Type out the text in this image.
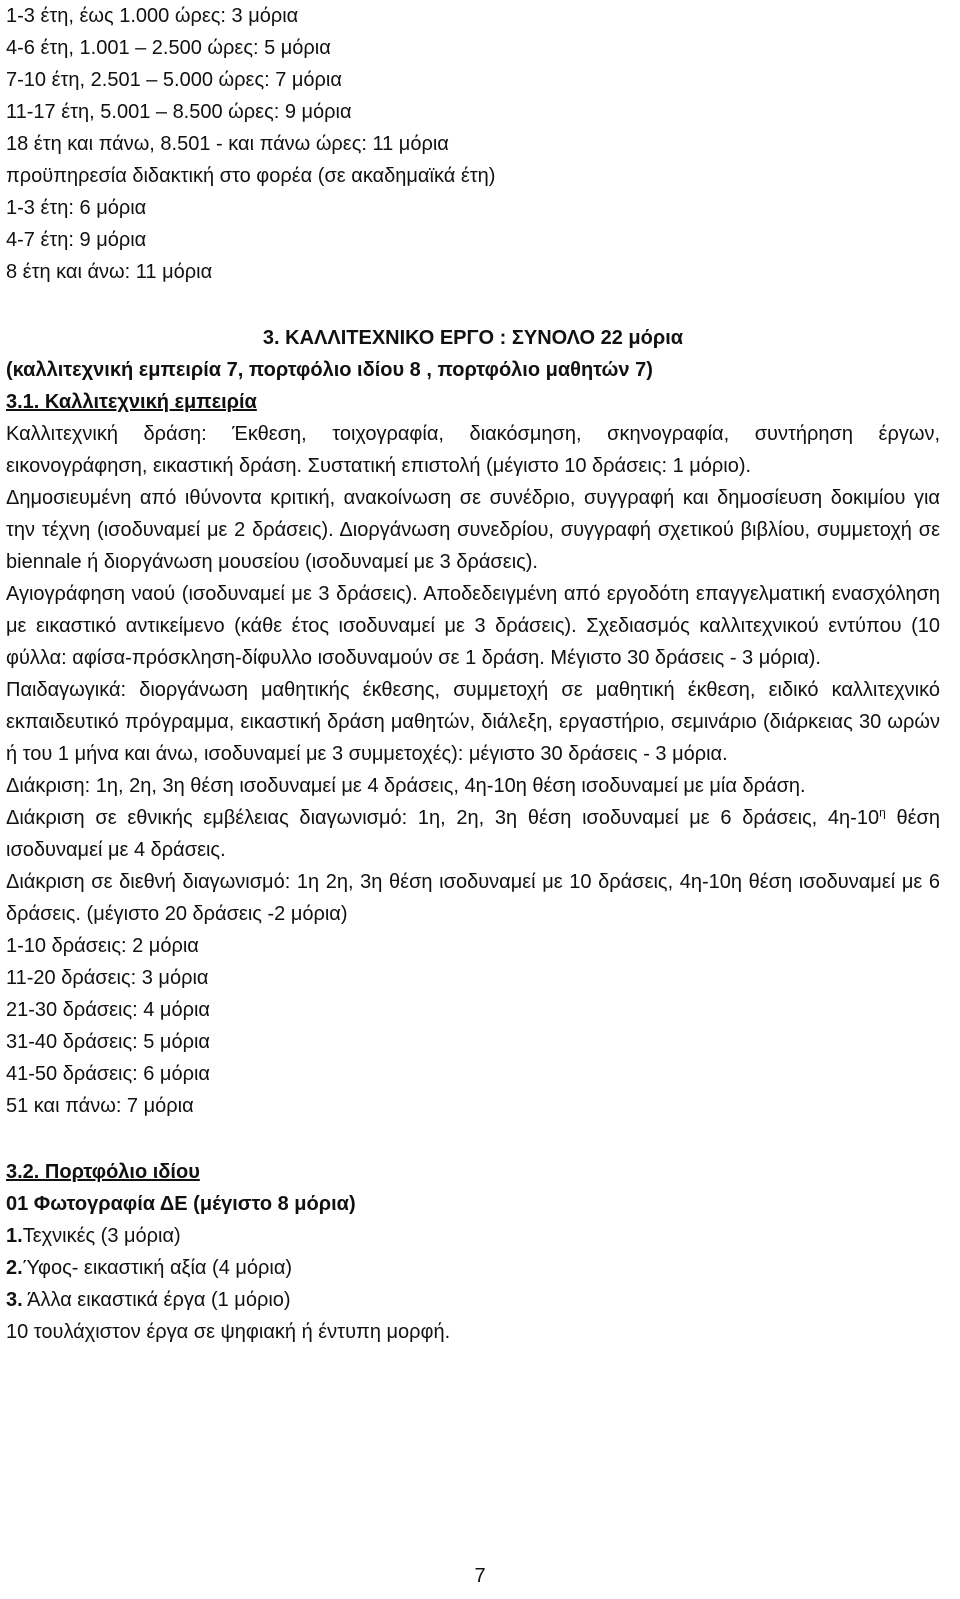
1-3 έτη, έως 1.000 ώρες: 3 μόρια
4-6 έτη, 1.001 – 2.500 ώρες: 5 μόρια
7-10 έτη, 2.501 – 5.000 ώρες: 7 μόρια
11-17 έτη, 5.001 – 8.500 ώρες: 9 μόρια
18 έτη και πάνω, 8.501 - και πάνω ώρες: 11 μόρια
προϋπηρεσία διδακτική στο φορέα (σε ακαδημαϊκά έτη)
1-3 έτη: 6 μόρια
4-7 έτη: 9 μόρια
8 έτη και άνω: 11 μόρια
3. ΚΑΛΛΙΤΕΧΝΙΚΟ ΕΡΓΟ : ΣΥΝΟΛΟ 22 μόρια
(καλλιτεχνική εμπειρία 7, πορτφόλιο ιδίου 8 , πορτφόλιο μαθητών 7)
3.1. Καλλιτεχνική εμπειρία

Καλλιτεχνική δράση: Έκθεση, τοιχογραφία, διακόσμηση, σκηνογραφία, συντήρηση έργων, εικονογράφηση, εικαστική δράση. Συστατική επιστολή (μέγιστο 10 δράσεις: 1 μόριο).

Δημοσιευμένη από ιθύνοντα κριτική, ανακοίνωση σε συνέδριο, συγγραφή και δημοσίευση δοκιμίου για την τέχνη (ισοδυναμεί με 2 δράσεις). Διοργάνωση συνεδρίου, συγγραφή σχετικού βιβλίου, συμμετοχή σε biennale ή διοργάνωση μουσείου (ισοδυναμεί με 3 δράσεις).

Αγιογράφηση ναού (ισοδυναμεί με 3 δράσεις). Αποδεδειγμένη από εργοδότη επαγγελματική ενασχόληση με εικαστικό αντικείμενο (κάθε έτος ισοδυναμεί με 3 δράσεις). Σχεδιασμός καλλιτεχνικού εντύπου (10 φύλλα: αφίσα-πρόσκληση-δίφυλλο ισοδυναμούν σε 1 δράση. Μέγιστο 30 δράσεις - 3 μόρια).

Παιδαγωγικά: διοργάνωση μαθητικής έκθεσης, συμμετοχή σε μαθητική έκθεση, ειδικό καλλιτεχνικό εκπαιδευτικό πρόγραμμα, εικαστική δράση μαθητών, διάλεξη, εργαστήριο, σεμινάριο (διάρκειας 30 ωρών ή του 1 μήνα και άνω, ισοδυναμεί με 3 συμμετοχές): μέγιστο 30 δράσεις - 3 μόρια.

Διάκριση: 1η, 2η, 3η θέση ισοδυναμεί με 4 δράσεις, 4η-10η θέση ισοδυναμεί με μία δράση.

Διάκριση σε εθνικής εμβέλειας διαγωνισμό: 1η, 2η, 3η θέση ισοδυναμεί με 6 δράσεις, $4\eta-10^\eta$ θέση ισοδυναμεί με 4 δράσεις.

Διάκριση σε διεθνή διαγωνισμό: 1η 2η, 3η θέση ισοδυναμεί με 10 δράσεις, 4η-10η θέση ισοδυναμεί με 6 δράσεις. (μέγιστο 20 δράσεις -2 μόρια)

1-10 δράσεις: 2 μόρια
11-20 δράσεις: 3 μόρια
21-30 δράσεις: 4 μόρια
31-40 δράσεις: 5 μόρια
41-50 δράσεις: 6 μόρια
51 και πάνω: 7 μόρια
3.2. Πορτφόλιο ιδίου
01 Φωτογραφία ΔΕ (μέγιστο 8 μόρια)
1.Τεχνικές (3 μόρια)
2.Ύφος- εικαστική αξία (4 μόρια)
3. Άλλα εικαστικά έργα (1 μόριο)
10 τουλάχιστον έργα σε ψηφιακή ή έντυπη μορφή.
7
